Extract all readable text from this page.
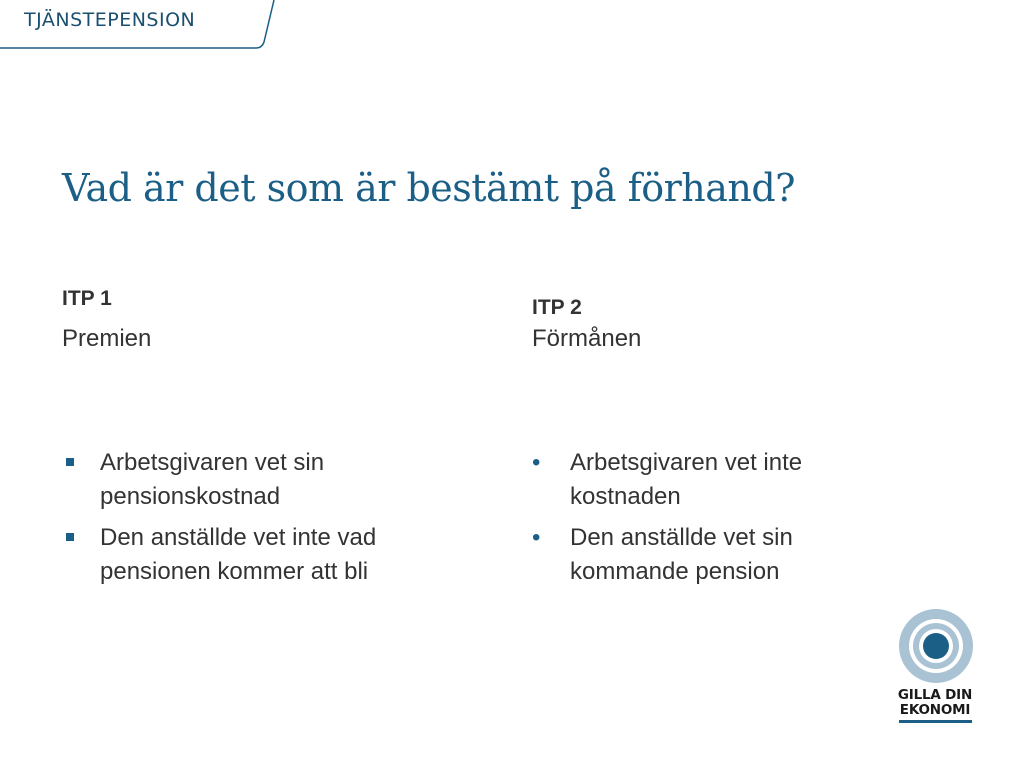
TJÄNSTEPENSION
Vad är det som är bestämt på förhand?
ITP 1
Premien
ITP 2
Förmånen
Arbetsgivaren vet sin pensionskostnad
Den anställde vet inte vad pensionen kommer att bli
• Arbetsgivaren vet inte kostnaden
• Den anställde vet sin kommande pension
GILLA DIN
EKONOMI
